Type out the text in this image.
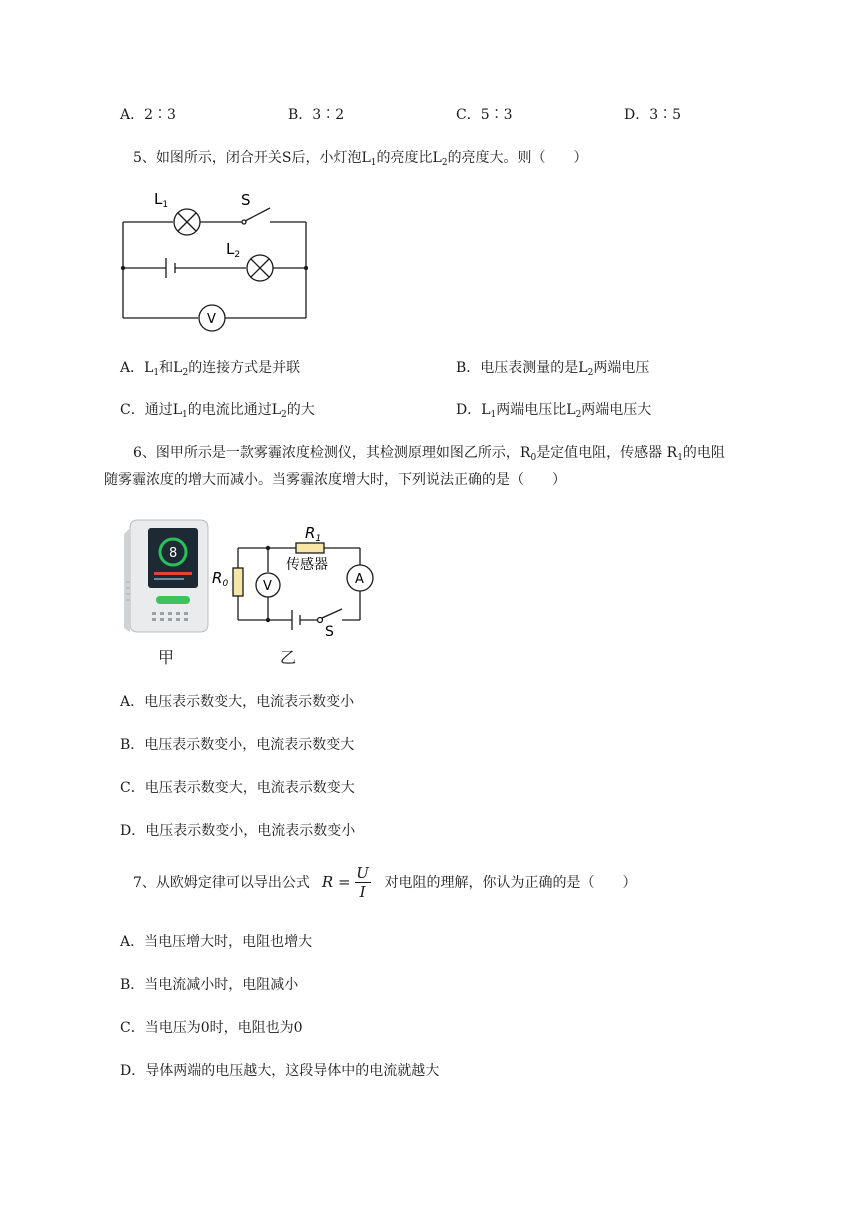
A．2∶3	B．3∶2	C．5∶3	D．3∶5
5、如图所示，闭合开关S后，小灯泡$L_1$的亮度比$L_2$的亮度大。则（　　）
$L_1$	S
$L_2$
V
A．$L_1$和$L_2$的连接方式是并联	B．电压表测量的是$L_2$两端电压
C．通过$L_1$的电流比通过$L_2$的大	D．$L_1$两端电压比$L_2$两端电压大
6、图甲所示是一款雾霾浓度检测仪，其检测原理如图乙所示，$R_0$是定值电阻，传感器 $R_1$的电阻
随雾霾浓度的增大而减小。当雾霾浓度增大时，下列说法正确的是（　　）
8
甲
$R_1$
传感器
$R_0$	V	A
S
乙
A．电压表示数变大，电流表示数变小
B．电压表示数变小，电流表示数变大
C．电压表示数变大，电流表示数变大
D．电压表示数变小，电流表示数变小
7、从欧姆定律可以导出公式 $R = \frac{U}{I}$ 对电阻的理解，你认为正确的是（　　）
A．当电压增大时，电阻也增大
B．当电流减小时，电阻减小
C．当电压为0时，电阻也为0
D．导体两端的电压越大，这段导体中的电流就越大
